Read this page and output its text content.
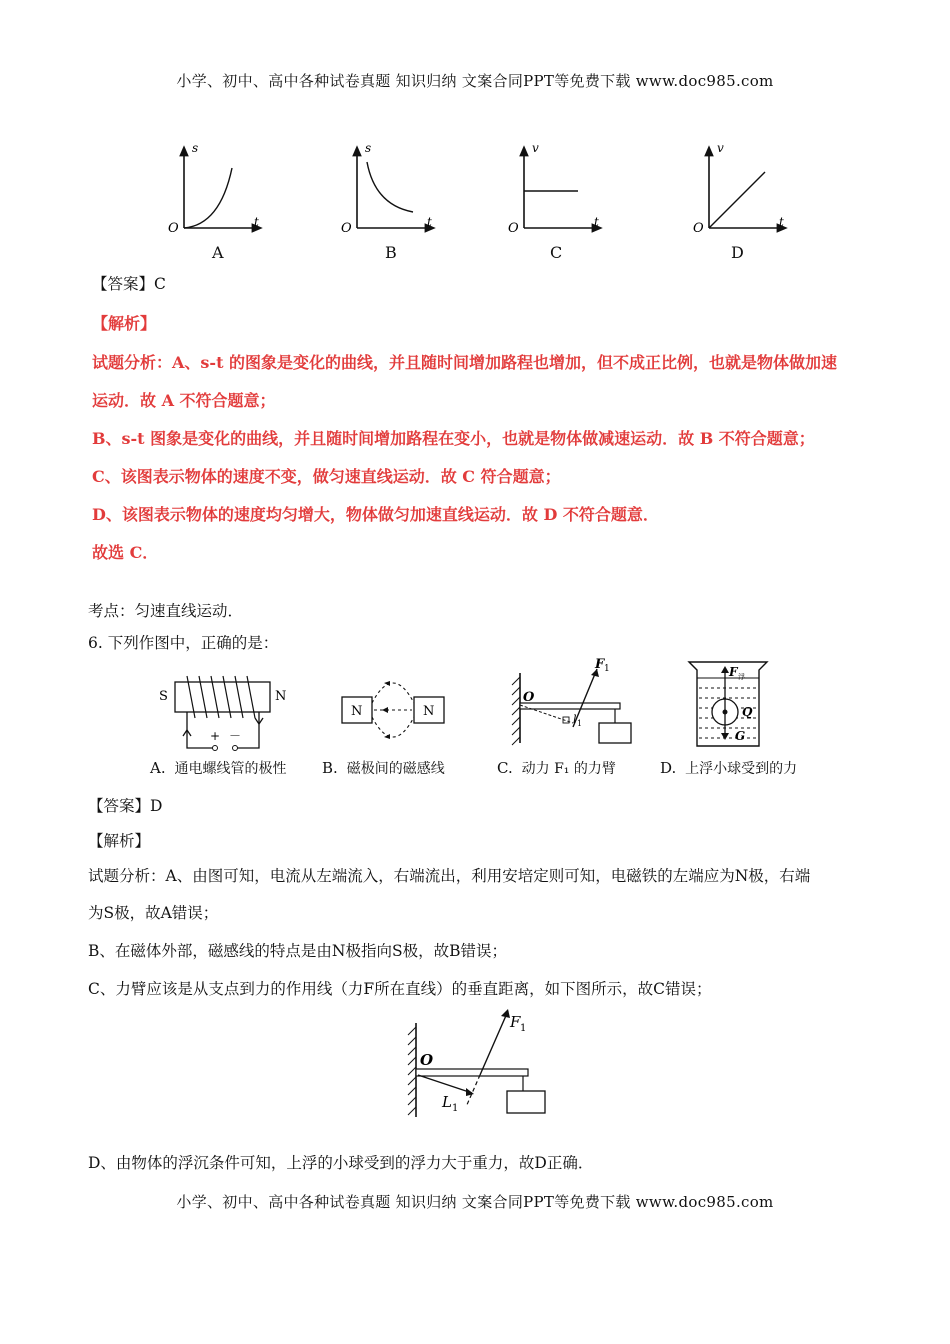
小学、初中、高中各种试卷真题 知识归纳 文案合同PPT等免费下载 www.doc985.com
s
t
O
A
s
t
O
B
v
t
O
C
v
t
O
D
【答案】C
【解析】
试题分析：A、s-t 的图象是变化的曲线，并且随时间增加路程也增加，但不成正比例，也就是物体做加速
运动．故 A 不符合题意；
B、s-t 图象是变化的曲线，并且随时间增加路程在变小，也就是物体做减速运动．故 B 不符合题意；
C、该图表示物体的速度不变，做匀速直线运动．故 C 符合题意；
D、该图表示物体的速度均匀增大，物体做匀加速直线运动．故 D 不符合题意．
故选 C．
考点：匀速直线运动．
6. 下列作图中，正确的是：
S	N
+ －
N	N
O
F 1
l 1
F 浮
Q
G
A. 通电螺线管的极性 B. 磁极间的磁感线	C. 动力 F₁ 的力臂	D. 上浮小球受到的力
【答案】D
【解析】
试题分析：A、由图可知，电流从左端流入，右端流出，利用安培定则可知，电磁铁的左端应为N极，右端
为S极，故A错误；
B、在磁体外部，磁感线的特点是由N极指向S极，故B错误；
C、力臂应该是从支点到力的作用线（力F所在直线）的垂直距离，如下图所示，故C错误；
O
F 1
L 1
D、由物体的浮沉条件可知，上浮的小球受到的浮力大于重力，故D正确．
小学、初中、高中各种试卷真题 知识归纳 文案合同PPT等免费下载 www.doc985.com
